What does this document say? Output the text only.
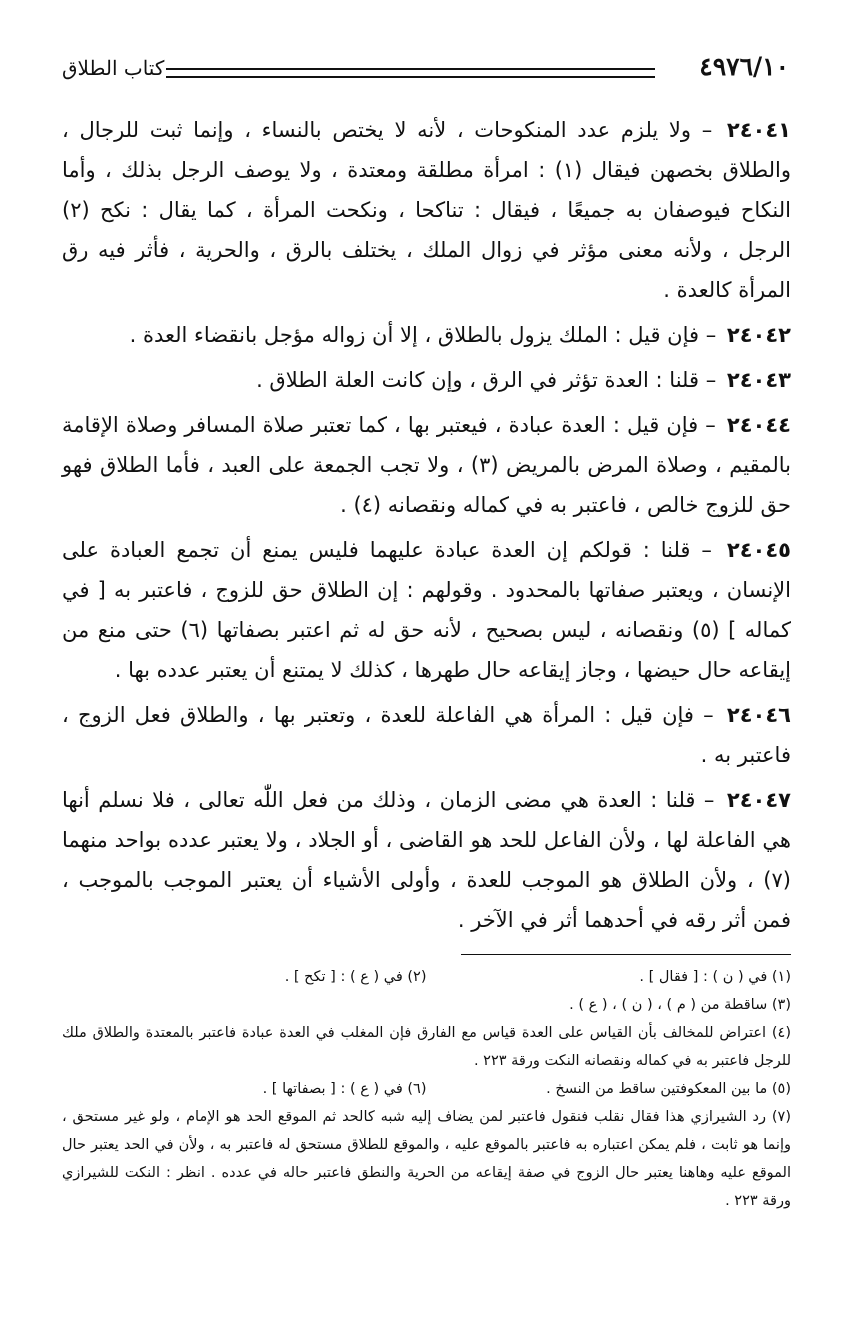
٤٩٧٦/١٠
كتاب الطلاق

٢٤٠٤١ – ولا يلزم عدد المنكوحات ، لأنه لا يختص بالنساء ، وإنما ثبت للرجال ، والطلاق بخصهن فيقال (١) : امرأة مطلقة ومعتدة ، ولا يوصف الرجل بذلك ، وأما النكاح فيوصفان به جميعًا ، فيقال : تناكحا ، ونكحت المرأة ، كما يقال : نكح (٢) الرجل ، ولأنه معنى مؤثر في زوال الملك ، يختلف بالرق ، والحرية ، فأثر فيه رق المرأة كالعدة .

٢٤٠٤٢ – فإن قيل : الملك يزول بالطلاق ، إلا أن زواله مؤجل بانقضاء العدة .

٢٤٠٤٣ – قلنا : العدة تؤثر في الرق ، وإن كانت العلة الطلاق .

٢٤٠٤٤ – فإن قيل : العدة عبادة ، فيعتبر بها ، كما تعتبر صلاة المسافر وصلاة الإقامة بالمقيم ، وصلاة المرض بالمريض (٣) ، ولا تجب الجمعة على العبد ، فأما الطلاق فهو حق للزوج خالص ، فاعتبر به في كماله ونقصانه (٤) .

٢٤٠٤٥ – قلنا : قولكم إن العدة عبادة عليهما فليس يمنع أن تجمع العبادة على الإنسان ، ويعتبر صفاتها بالمحدود . وقولهم : إن الطلاق حق للزوج ، فاعتبر به [ في كماله ] (٥) ونقصانه ، ليس بصحيح ، لأنه حق له ثم اعتبر بصفاتها (٦) حتى منع من إيقاعه حال حيضها ، وجاز إيقاعه حال طهرها ، كذلك لا يمتنع أن يعتبر عدده بها .

٢٤٠٤٦ – فإن قيل : المرأة هي الفاعلة للعدة ، وتعتبر بها ، والطلاق فعل الزوج ، فاعتبر به .

٢٤٠٤٧ – قلنا : العدة هي مضى الزمان ، وذلك من فعل اللّٰه تعالى ، فلا نسلم أنها هي الفاعلة لها ، ولأن الفاعل للحد هو القاضى ، أو الجلاد ، ولا يعتبر عدده بواحد منهما (٧) ، ولأن الطلاق هو الموجب للعدة ، وأولى الأشياء أن يعتبر الموجب بالموجب ، فمن أثر رقه في أحدهما أثر في الآخر .

(١) في ( ن ) : [ فقال ] .
(٢) في ( ع ) : [ تكح ] .

(٣) ساقطة من ( م ) ، ( ن ) ، ( ع ) .

(٤) اعتراض للمخالف بأن القياس على العدة قياس مع الفارق فإن المغلب في العدة عبادة فاعتبر بالمعتدة والطلاق ملك للرجل فاعتبر به في كماله ونقصانه النكت ورقة ٢٢٣ .

(٥) ما بين المعكوفتين ساقط من النسخ .
(٦) في ( ع ) : [ بصفاتها ] .

(٧) رد الشيرازي هذا فقال نقلب فنقول فاعتبر لمن يضاف إليه شبه كالحد ثم الموقع الحد هو الإمام ، ولو غير مستحق ، وإنما هو ثابت ، فلم يمكن اعتباره به فاعتبر بالموقع عليه ، والموقع للطلاق مستحق له فاعتبر به ، ولأن في الحد يعتبر حال الموقع عليه وهاهنا يعتبر حال الزوج في صفة إيقاعه من الحرية والنطق فاعتبر حاله في عدده . انظر : النكت للشيرازي ورقة ٢٢٣ .
